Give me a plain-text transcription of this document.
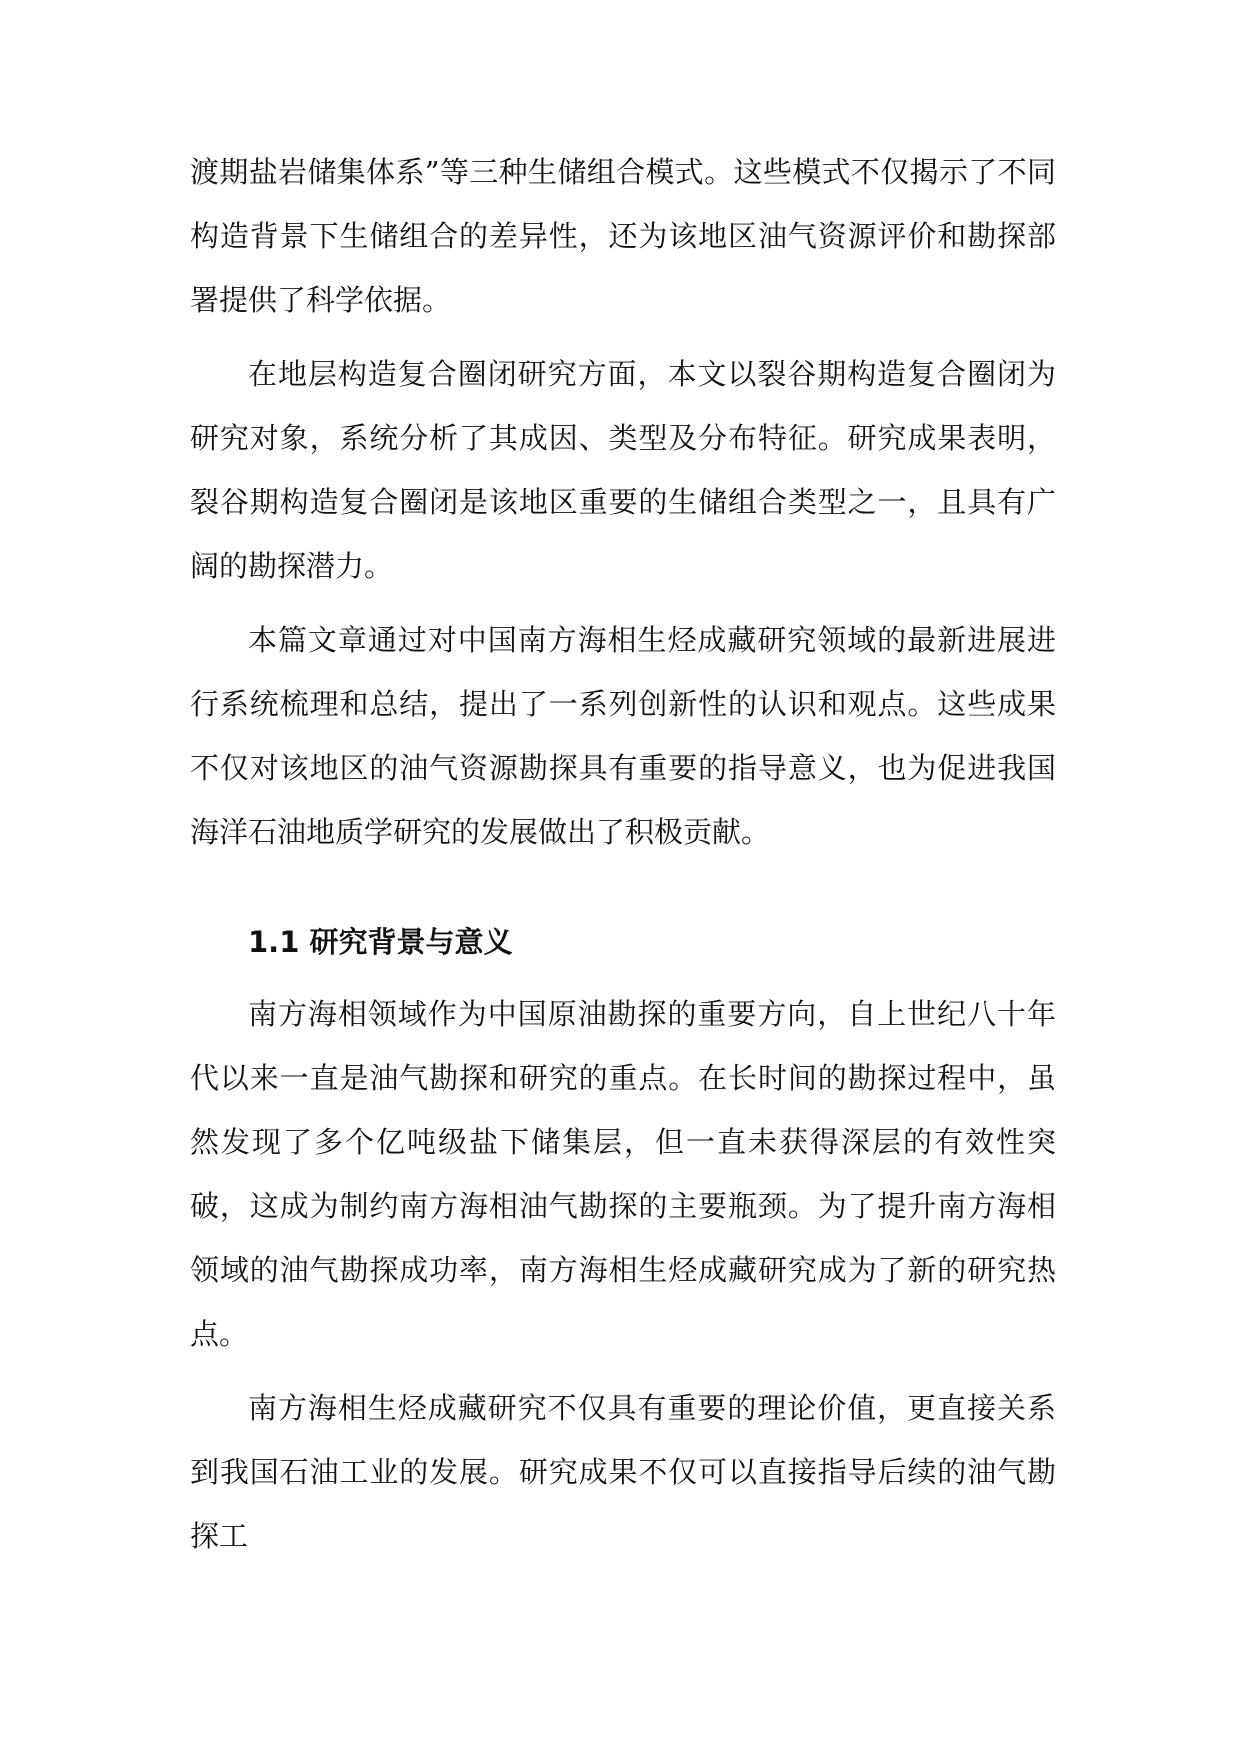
渡期盐岩储集体系”等三种生储组合模式。这些模式不仅揭示了不同构造背景下生储组合的差异性，还为该地区油气资源评价和勘探部署提供了科学依据。

在地层构造复合圈闭研究方面，本文以裂谷期构造复合圈闭为研究对象，系统分析了其成因、类型及分布特征。研究成果表明，裂谷期构造复合圈闭是该地区重要的生储组合类型之一，且具有广阔的勘探潜力。

本篇文章通过对中国南方海相生烃成藏研究领域的最新进展进行系统梳理和总结，提出了一系列创新性的认识和观点。这些成果不仅对该地区的油气资源勘探具有重要的指导意义，也为促进我国海洋石油地质学研究的发展做出了积极贡献。

1.1 研究背景与意义

南方海相领域作为中国原油勘探的重要方向，自上世纪八十年代以来一直是油气勘探和研究的重点。在长时间的勘探过程中，虽然发现了多个亿吨级盐下储集层，但一直未获得深层的有效性突破，这成为制约南方海相油气勘探的主要瓶颈。为了提升南方海相领域的油气勘探成功率，南方海相生烃成藏研究成为了新的研究热点。

南方海相生烃成藏研究不仅具有重要的理论价值，更直接关系到我国石油工业的发展。研究成果不仅可以直接指导后续的油气勘探工
